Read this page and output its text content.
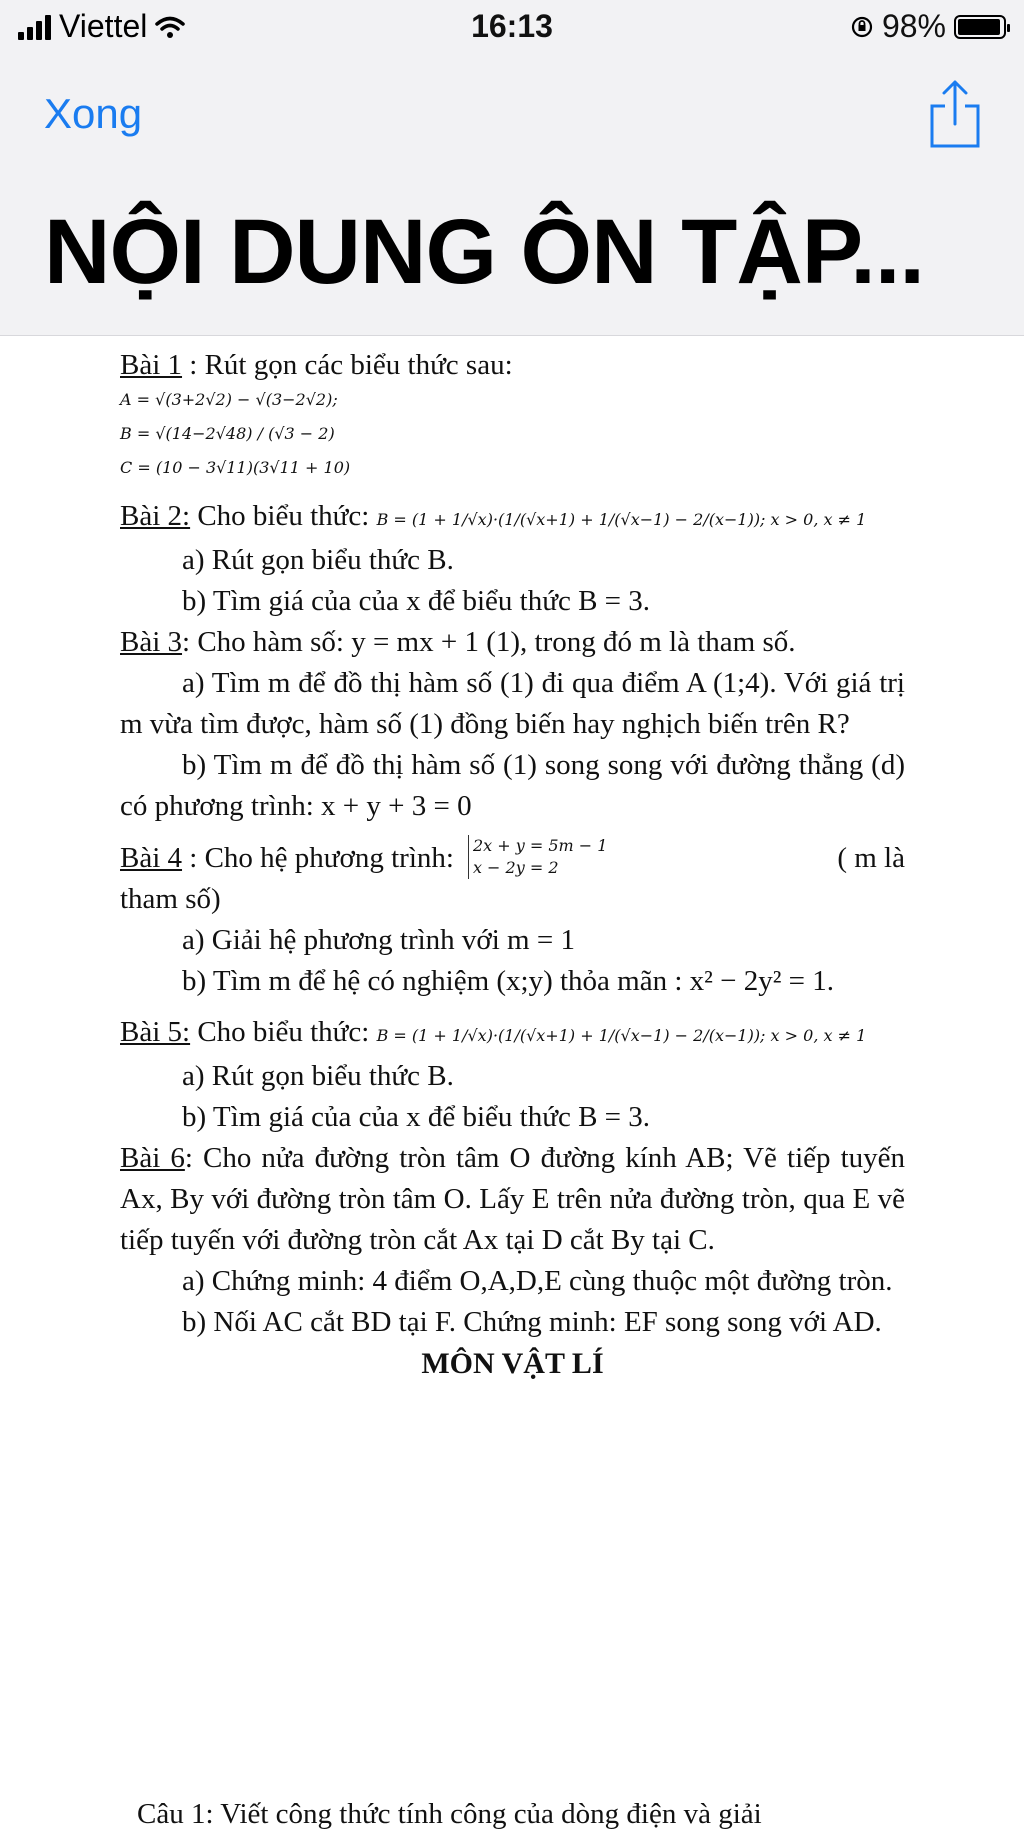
Viettel	16:13	98%
Xong
NỘI DUNG ÔN TẬP...

Bài 1 : Rút gọn các biểu thức sau:

A = √(3+2√2) − √(3−2√2);
B = √(14−2√48) / (√3 − 2)
C = (10 − 3√11)(3√11 + 10)

Bài 2: Cho biểu thức: B = (1 + 1/√x)·(1/(√x+1) + 1/(√x−1) − 2/(x−1)); x > 0, x ≠ 1

a) Rút gọn biểu thức B.

b) Tìm giá của của x để biểu thức B = 3.

Bài 3: Cho hàm số: y = mx + 1 (1), trong đó m là tham số.

a) Tìm m để đồ thị hàm số (1) đi qua điểm A (1;4). Với giá trị m vừa tìm được, hàm số (1) đồng biến hay nghịch biến trên R?

b) Tìm m để đồ thị hàm số (1) song song với đường thẳng (d) có phương trình: x + y + 3 = 0

Bài 4 : Cho hệ phương trình:	2x + y = 5m − 1
x − 2y = 2	( m là

tham số)

a) Giải hệ phương trình với m = 1

b) Tìm m để hệ có nghiệm (x;y) thỏa mãn : x² − 2y² = 1.

Bài 5: Cho biểu thức: B = (1 + 1/√x)·(1/(√x+1) + 1/(√x−1) − 2/(x−1)); x > 0, x ≠ 1

a) Rút gọn biểu thức B.

b) Tìm giá của của x để biểu thức B = 3.

Bài 6: Cho nửa đường tròn tâm O đường kính AB; Vẽ tiếp tuyến Ax, By với đường tròn tâm O. Lấy E trên nửa đường tròn, qua E vẽ tiếp tuyến với đường tròn cắt Ax tại D cắt By tại C.

a) Chứng minh: 4 điểm O,A,D,E cùng thuộc một đường tròn.

b) Nối AC cắt BD tại F. Chứng minh: EF song song với AD.

MÔN VẬT LÍ

Câu 1: Viết công thức tính công của dòng điện và giải
